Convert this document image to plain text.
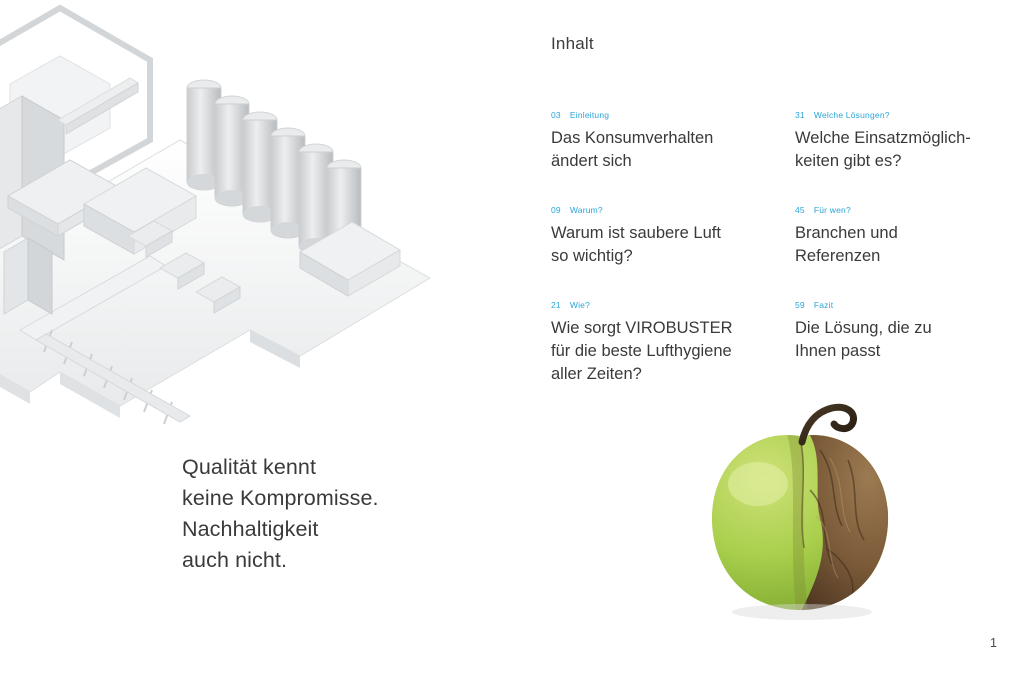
Qualität kennt
keine Kompromisse.
Nachhaltigkeit
auch nicht.
Inhalt
03 Einleitung
Das Konsumverhalten
ändert sich
09 Warum?
Warum ist saubere Luft
so wichtig?
21 Wie?
Wie sorgt VIROBUSTER
für die beste Lufthygiene
aller Zeiten?
31 Welche Lösungen?
Welche Einsatzmöglich-
keiten gibt es?
45 Für wen?
Branchen und
Referenzen
59 Fazit
Die Lösung, die zu
Ihnen passt
1
